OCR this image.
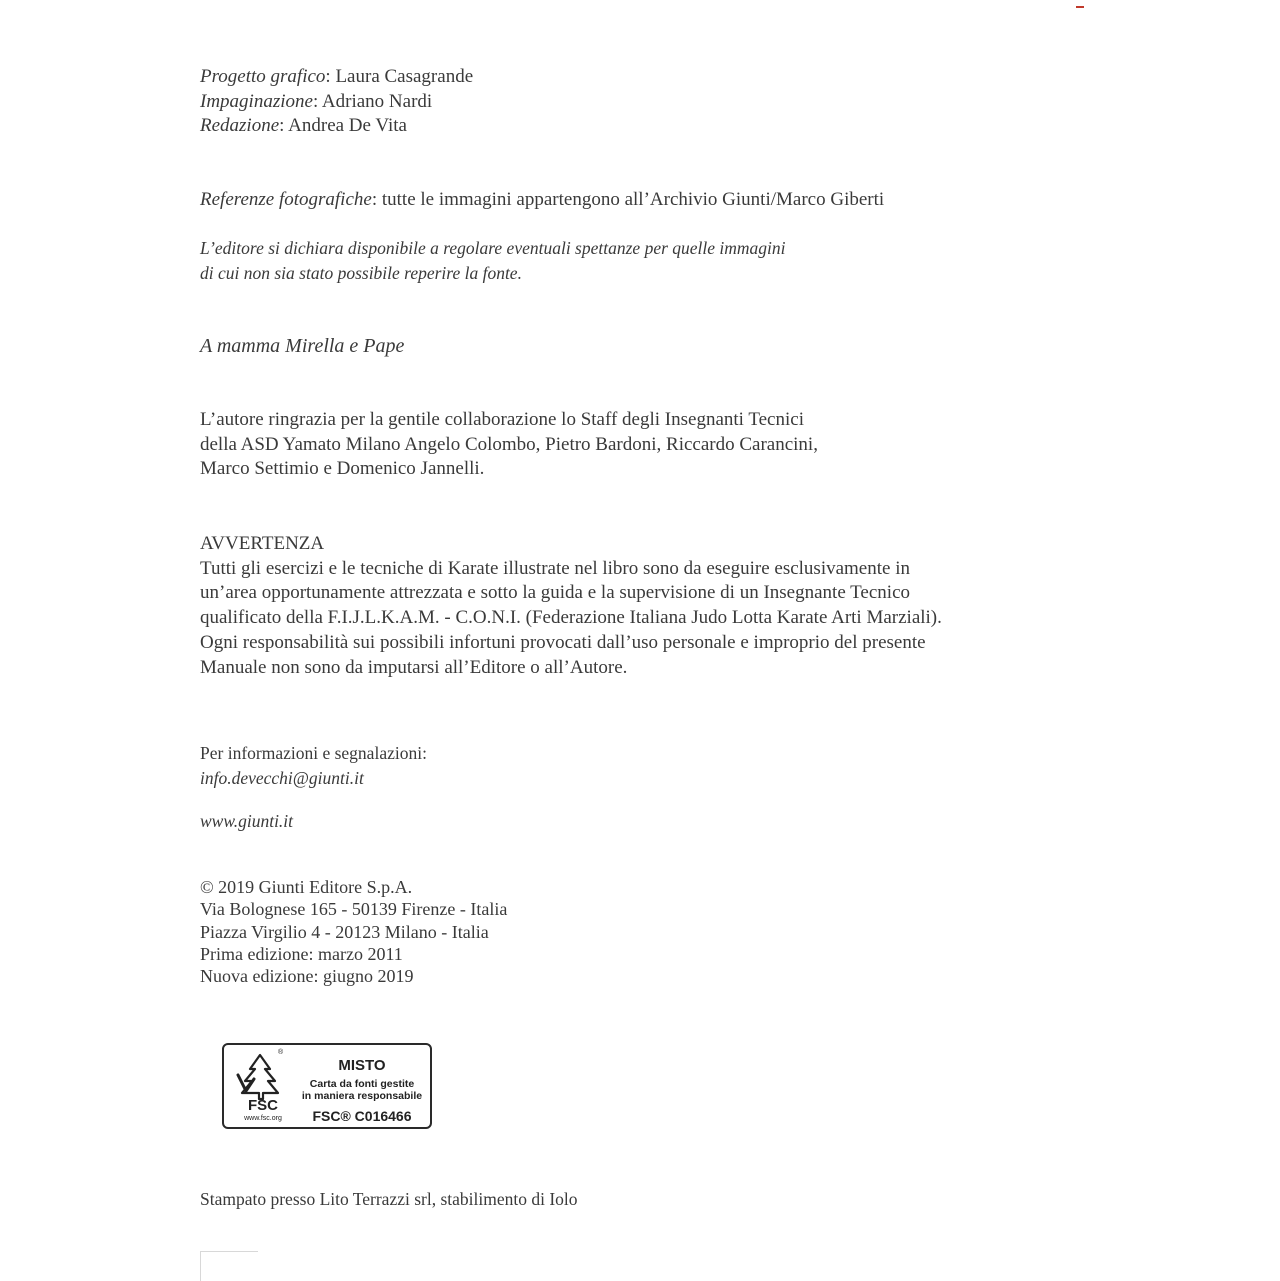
Progetto grafico: Laura Casagrande
Impaginazione: Adriano Nardi
Redazione: Andrea De Vita
Referenze fotografiche: tutte le immagini appartengono all’Archivio Giunti/Marco Giberti
L’editore si dichiara disponibile a regolare eventuali spettanze per quelle immagini
di cui non sia stato possibile reperire la fonte.
A mamma Mirella e Pape
L’autore ringrazia per la gentile collaborazione lo Staff degli Insegnanti Tecnici
della ASD Yamato Milano Angelo Colombo, Pietro Bardoni, Riccardo Carancini,
Marco Settimio e Domenico Jannelli.
AVVERTENZA
Tutti gli esercizi e le tecniche di Karate illustrate nel libro sono da eseguire esclusivamente in
un’area opportunamente attrezzata e sotto la guida e la supervisione di un Insegnante Tecnico
qualificato della F.I.J.L.K.A.M. - C.O.N.I. (Federazione Italiana Judo Lotta Karate Arti Marziali).
Ogni responsabilità sui possibili infortuni provocati dall’uso personale e improprio del presente
Manuale non sono da imputarsi all’Editore o all’Autore.
Per informazioni e segnalazioni:
info.devecchi@giunti.it
www.giunti.it
© 2019 Giunti Editore S.p.A.
Via Bolognese 165 - 50139 Firenze - Italia
Piazza Virgilio 4 - 20123 Milano - Italia
Prima edizione: marzo 2011
Nuova edizione: giugno 2019
®
FSC
www.fsc.org
MISTO
Carta da fonti gestite
in maniera responsabile
FSC® C016466
Stampato presso Lito Terrazzi srl, stabilimento di Iolo
